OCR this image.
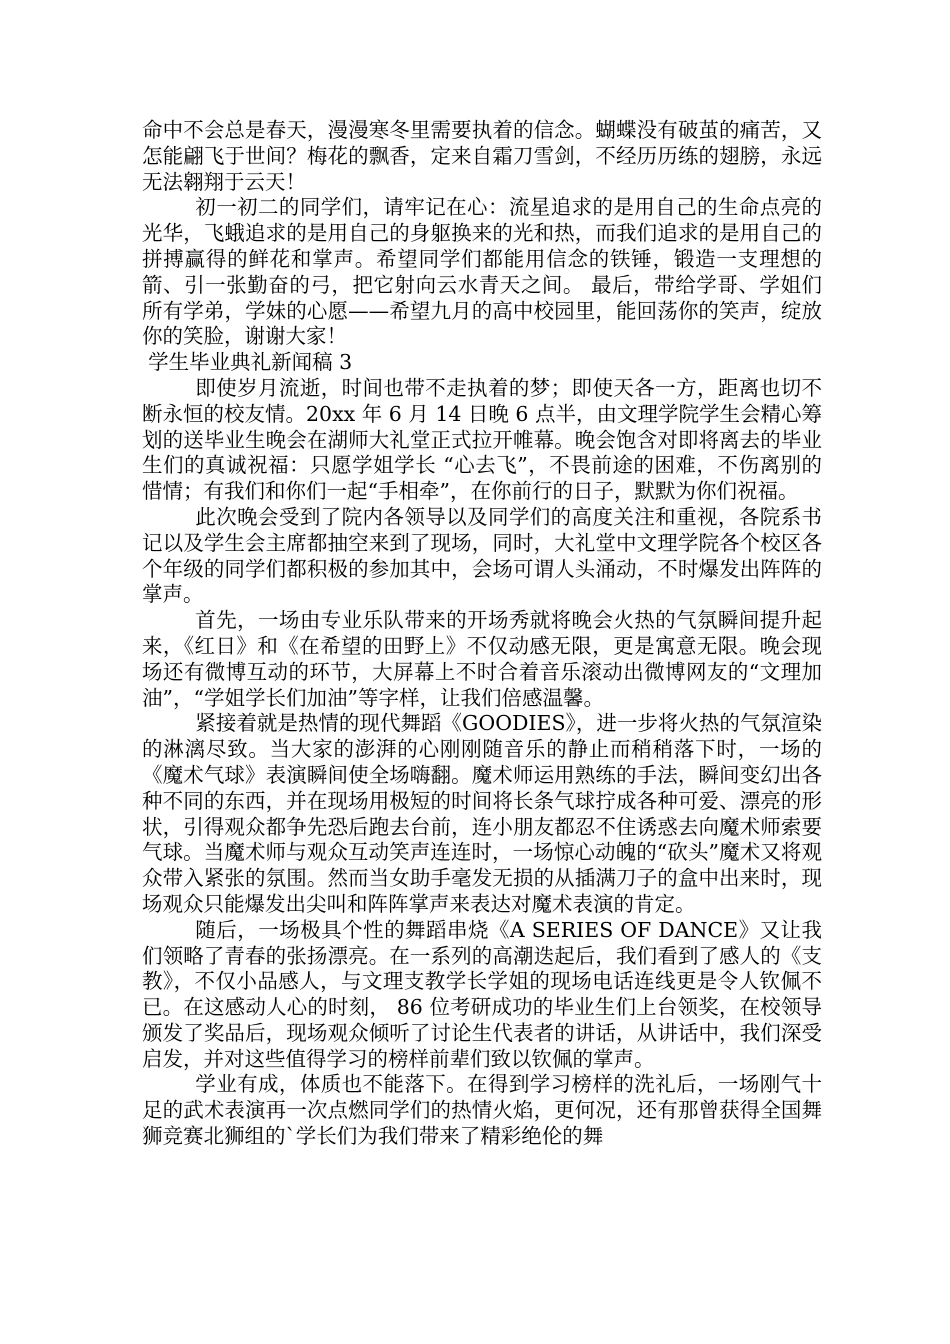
命中不会总是春天，漫漫寒冬里需要执着的信念。蝴蝶没有破茧的痛苦，又怎能翩飞于世间？梅花的飘香，定来自霜刀雪剑，不经历历练的翅膀，永远无法翱翔于云天！

初一初二的同学们，请牢记在心：流星追求的是用自己的生命点亮的光华，飞蛾追求的是用自己的身躯换来的光和热，而我们追求的是用自己的拼搏赢得的鲜花和掌声。希望同学们都能用信念的铁锤，锻造一支理想的箭、引一张勤奋的弓，把它射向云水青天之间。 最后，带给学哥、学姐们所有学弟，学妹的心愿——希望九月的高中校园里，能回荡你的笑声，绽放你的笑脸，谢谢大家！

学生毕业典礼新闻稿 3

即使岁月流逝，时间也带不走执着的梦；即使天各一方，距离也切不断永恒的校友情。20xx 年 6 月 14 日晚 6 点半，由文理学院学生会精心筹划的送毕业生晚会在湖师大礼堂正式拉开帷幕。晚会饱含对即将离去的毕业生们的真诚祝福：只愿学姐学长 “心去飞”，不畏前途的困难，不伤离别的惜情；有我们和你们一起“手相牵”，在你前行的日子，默默为你们祝福。

此次晚会受到了院内各领导以及同学们的高度关注和重视，各院系书记以及学生会主席都抽空来到了现场，同时，大礼堂中文理学院各个校区各个年级的同学们都积极的参加其中，会场可谓人头涌动，不时爆发出阵阵的掌声。

首先，一场由专业乐队带来的开场秀就将晚会火热的气氛瞬间提升起来，《红日》和《在希望的田野上》不仅动感无限，更是寓意无限。晚会现场还有微博互动的环节，大屏幕上不时合着音乐滚动出微博网友的“文理加油”，“学姐学长们加油”等字样，让我们倍感温馨。

紧接着就是热情的现代舞蹈《GOODIES》，进一步将火热的气氛渲染的淋漓尽致。当大家的澎湃的心刚刚随音乐的静止而稍稍落下时，一场的《魔术气球》表演瞬间使全场嗨翻。魔术师运用熟练的手法，瞬间变幻出各种不同的东西，并在现场用极短的时间将长条气球拧成各种可爱、漂亮的形状，引得观众都争先恐后跑去台前，连小朋友都忍不住诱惑去向魔术师索要气球。当魔术师与观众互动笑声连连时，一场惊心动魄的“砍头”魔术又将观众带入紧张的氛围。然而当女助手毫发无损的从插满刀子的盒中出来时，现场观众只能爆发出尖叫和阵阵掌声来表达对魔术表演的肯定。

随后，一场极具个性的舞蹈串烧《A SERIES OF DANCE》又让我们领略了青春的张扬漂亮。在一系列的高潮迭起后，我们看到了感人的《支教》，不仅小品感人，与文理支教学长学姐的现场电话连线更是令人钦佩不已。在这感动人心的时刻， 86 位考研成功的毕业生们上台领奖，在校领导颁发了奖品后，现场观众倾听了讨论生代表者的讲话，从讲话中，我们深受启发，并对这些值得学习的榜样前辈们致以钦佩的掌声。

学业有成，体质也不能落下。在得到学习榜样的洗礼后，一场刚气十足的武术表演再一次点燃同学们的热情火焰，更何况，还有那曾获得全国舞狮竞赛北狮组的`学长们为我们带来了精彩绝伦的舞
